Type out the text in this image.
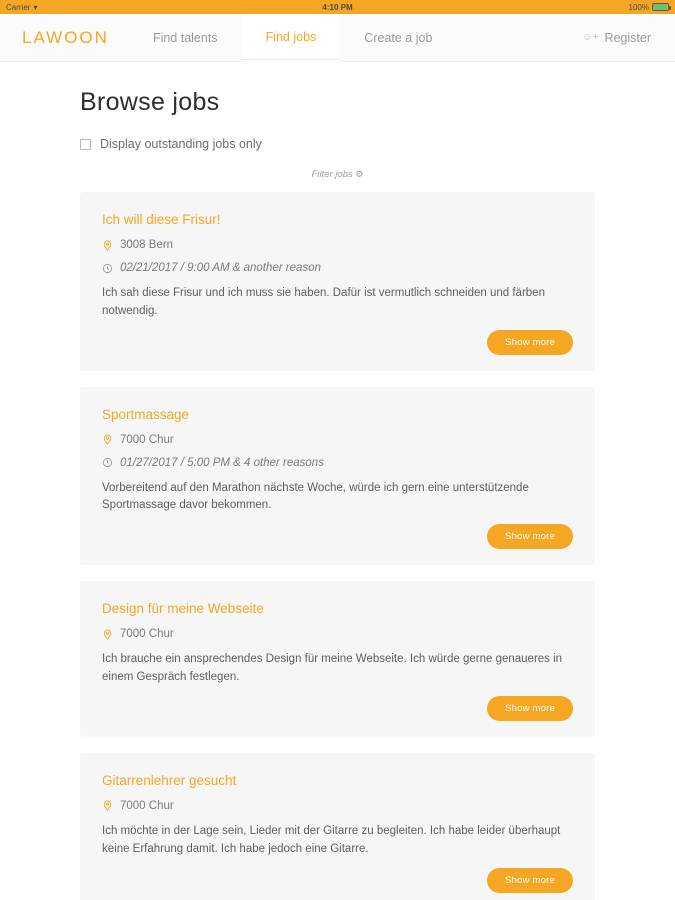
Carrier ▾	4:10 PM	100%
LAWOON	Find talents	Find jobs	Create a job	☺+ Register
Browse jobs
Display outstanding jobs only
Filter jobs ⚙
Ich will diese Frisur!
3008 Bern
02/21/2017 / 9:00 AM & another reason
Ich sah diese Frisur und ich muss sie haben. Dafür ist vermutlich schneiden und färben notwendig.
Show more
Sportmassage
7000 Chur
01/27/2017 / 5:00 PM & 4 other reasons
Vorbereitend auf den Marathon nächste Woche, würde ich gern eine unterstützende Sportmassage davor bekommen.
Show more
Design für meine Webseite
7000 Chur
Ich brauche ein ansprechendes Design für meine Webseite. Ich würde gerne genaueres in einem Gespräch festlegen.
Show more
Gitarrenlehrer gesucht
7000 Chur
Ich möchte in der Lage sein, Lieder mit der Gitarre zu begleiten. Ich habe leider überhaupt keine Erfahrung damit. Ich habe jedoch eine Gitarre.
Show more
